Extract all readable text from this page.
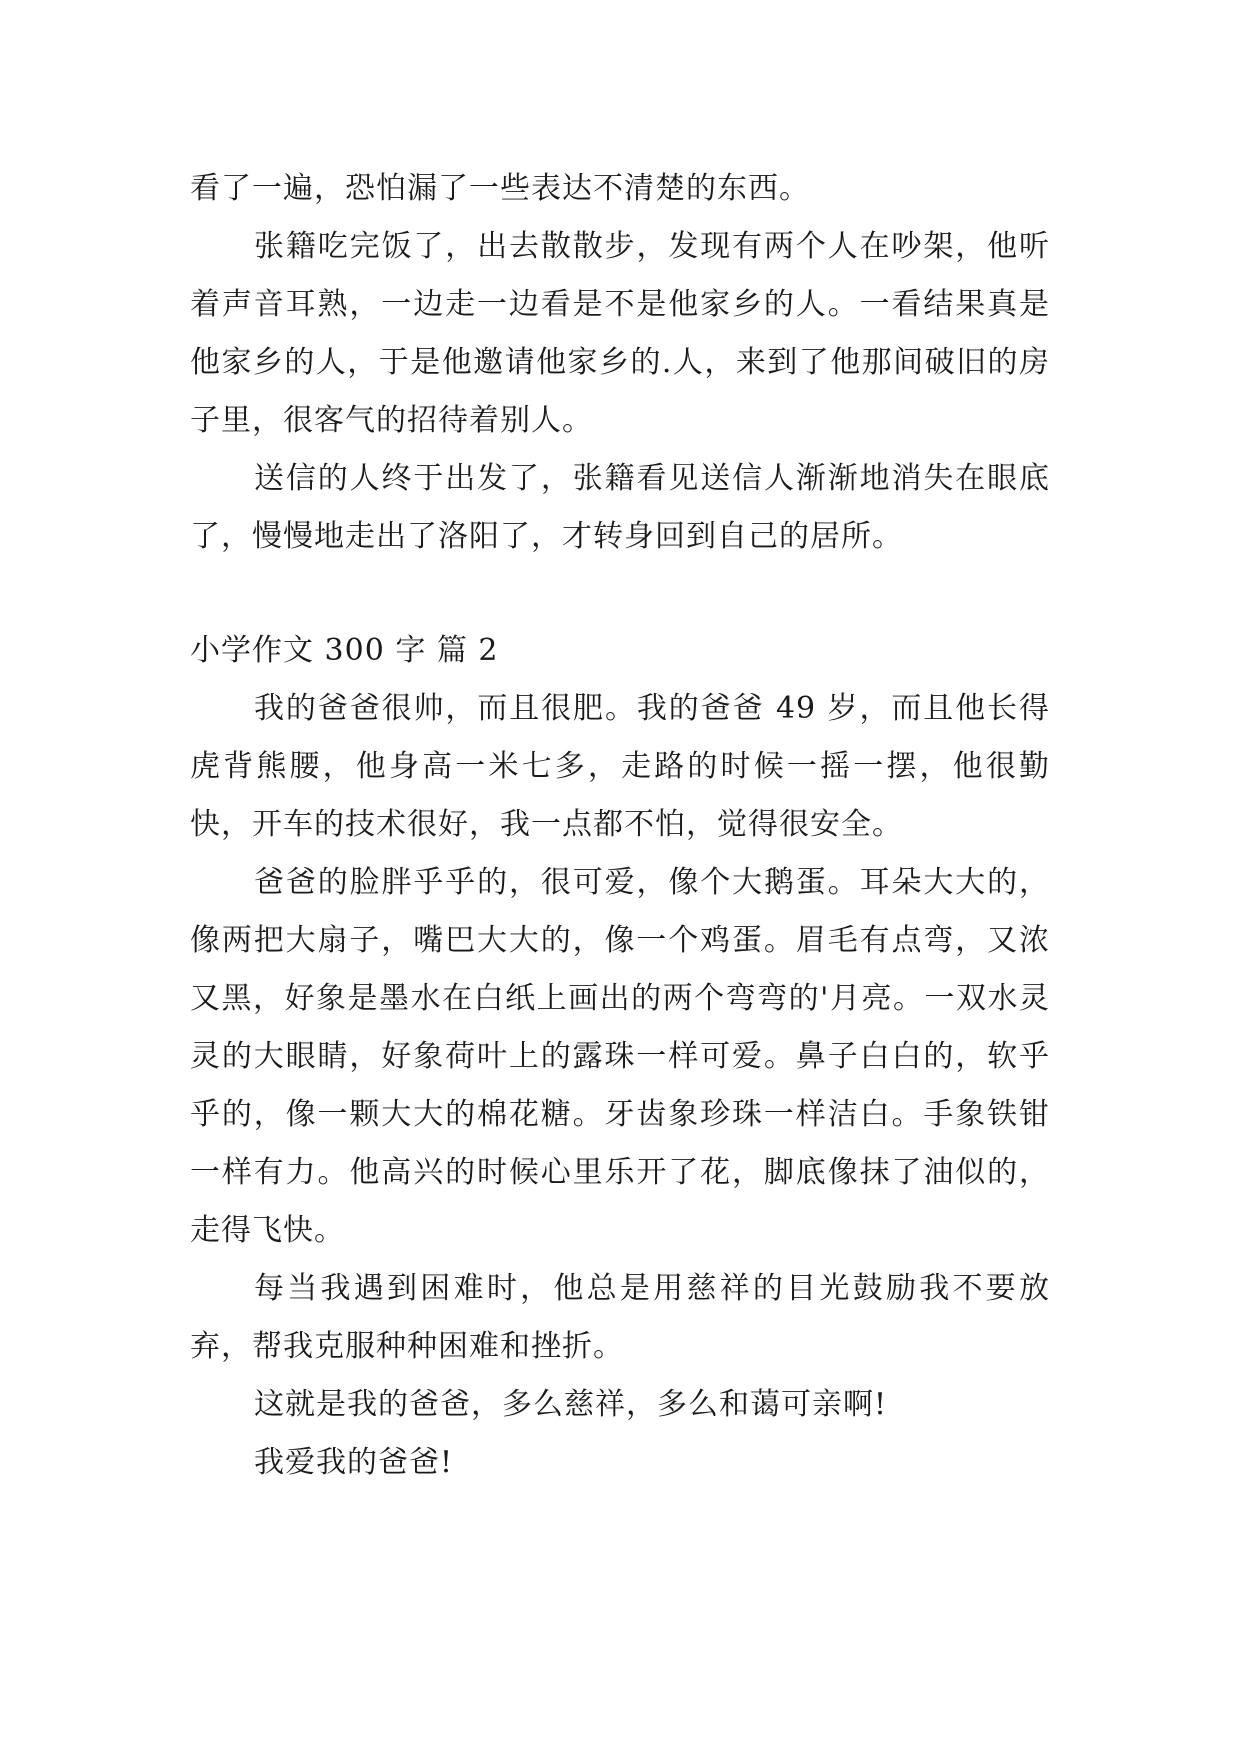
看了一遍，恐怕漏了一些表达不清楚的东西。

张籍吃完饭了，出去散散步，发现有两个人在吵架，他听着声音耳熟，一边走一边看是不是他家乡的人。一看结果真是他家乡的人，于是他邀请他家乡的.人，来到了他那间破旧的房子里，很客气的招待着别人。

送信的人终于出发了，张籍看见送信人渐渐地消失在眼底了，慢慢地走出了洛阳了，才转身回到自己的居所。

小学作文 300 字 篇 2

我的爸爸很帅，而且很肥。我的爸爸 49 岁，而且他长得虎背熊腰，他身高一米七多，走路的时候一摇一摆，他很勤快，开车的技术很好，我一点都不怕，觉得很安全。

爸爸的脸胖乎乎的，很可爱，像个大鹅蛋。耳朵大大的，像两把大扇子，嘴巴大大的，像一个鸡蛋。眉毛有点弯，又浓又黑，好象是墨水在白纸上画出的两个弯弯的'月亮。一双水灵灵的大眼睛，好象荷叶上的露珠一样可爱。鼻子白白的，软乎乎的，像一颗大大的棉花糖。牙齿象珍珠一样洁白。手象铁钳一样有力。他高兴的时候心里乐开了花，脚底像抹了油似的，走得飞快。

每当我遇到困难时，他总是用慈祥的目光鼓励我不要放弃，帮我克服种种困难和挫折。

这就是我的爸爸，多么慈祥，多么和蔼可亲啊!

我爱我的爸爸!
